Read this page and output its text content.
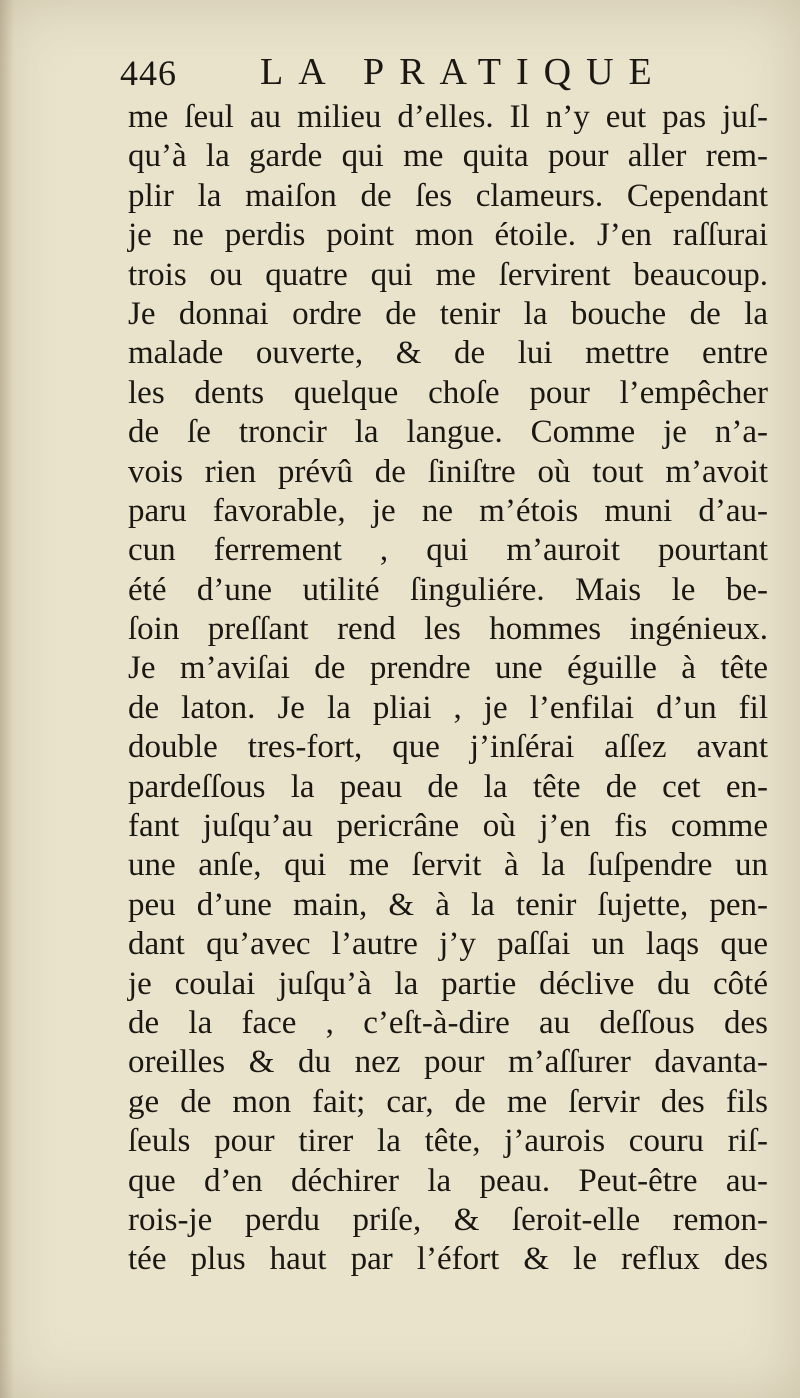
446 LA PRATIQUE
me ſeul au milieu d’elles. Il n’y eut pas juſ-
qu’à la garde qui me quita pour aller rem-
plir la maiſon de ſes clameurs. Cependant
je ne perdis point mon étoile. J’en raſſurai
trois ou quatre qui me ſervirent beaucoup.
Je donnai ordre de tenir la bouche de la
malade ouverte, & de lui mettre entre
les dents quelque choſe pour l’empêcher
de ſe troncir la langue. Comme je n’a-
vois rien prévû de ſiniſtre où tout m’avoit
paru favorable, je ne m’étois muni d’au-
cun ferrement , qui m’auroit pourtant
été d’une utilité ſinguliére. Mais le be-
ſoin preſſant rend les hommes ingénieux.
Je m’aviſai de prendre une éguille à tête
de laton. Je la pliai , je l’enfilai d’un fil
double tres-fort, que j’inſérai aſſez avant
pardeſſous la peau de la tête de cet en-
fant juſqu’au pericrâne où j’en fis comme
une anſe, qui me ſervit à la ſuſpendre un
peu d’une main, & à la tenir ſujette, pen-
dant qu’avec l’autre j’y paſſai un laqs que
je coulai juſqu’à la partie déclive du côté
de la face , c’eſt-à-dire au deſſous des
oreilles & du nez pour m’aſſurer davanta-
ge de mon fait; car, de me ſervir des fils
ſeuls pour tirer la tête, j’aurois couru riſ-
que d’en déchirer la peau. Peut-être au-
rois-je perdu priſe, & ſeroit-elle remon-
tée plus haut par l’éfort & le reflux des
